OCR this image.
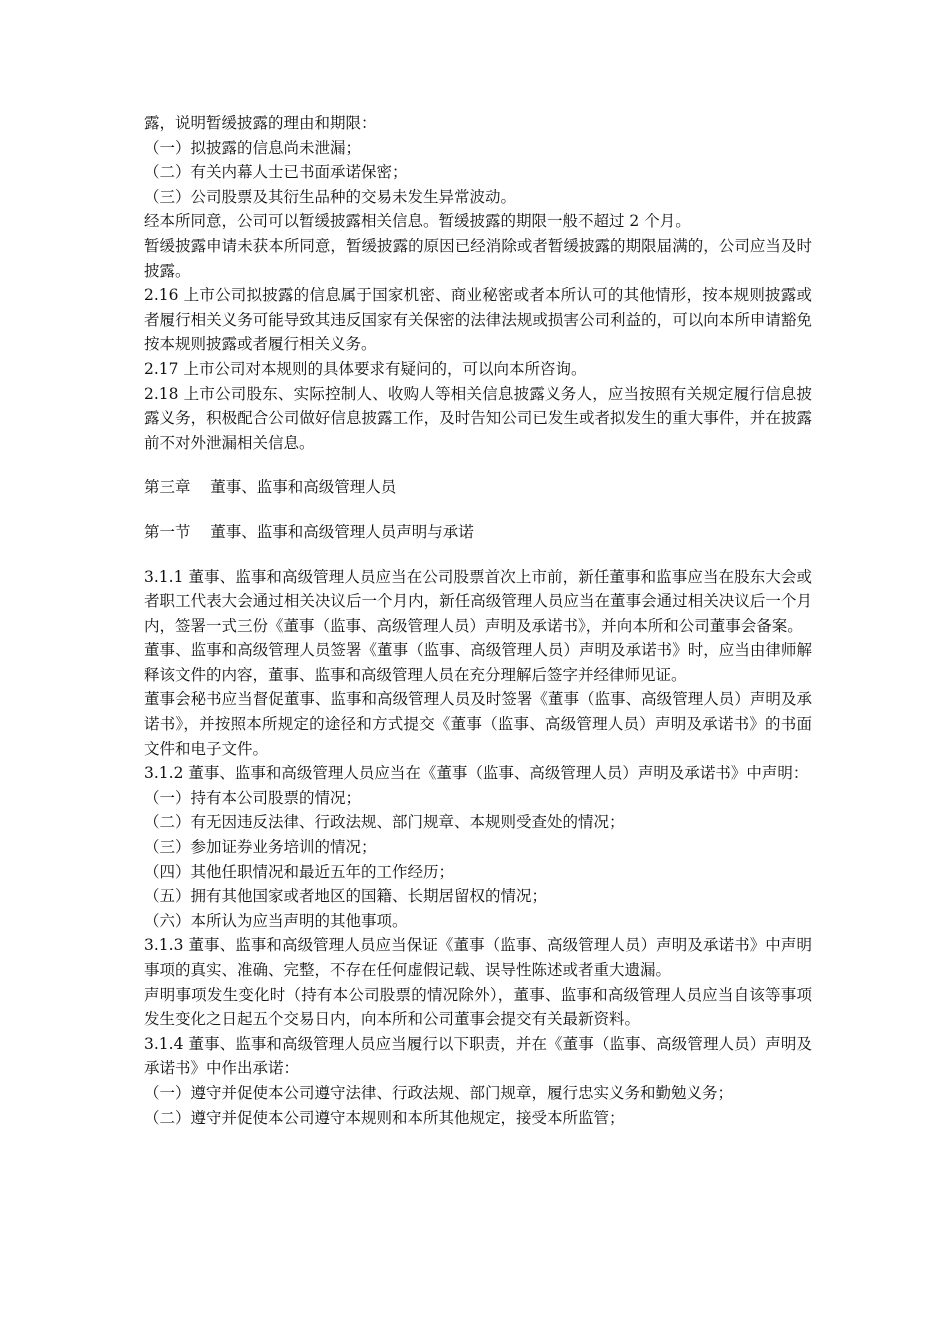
露，说明暂缓披露的理由和期限：
（一）拟披露的信息尚未泄漏；
（二）有关内幕人士已书面承诺保密；
（三）公司股票及其衍生品种的交易未发生异常波动。
经本所同意，公司可以暂缓披露相关信息。暂缓披露的期限一般不超过 2 个月。
暂缓披露申请未获本所同意，暂缓披露的原因已经消除或者暂缓披露的期限届满的，公司应当及时披露。
2.16 上市公司拟披露的信息属于国家机密、商业秘密或者本所认可的其他情形，按本规则披露或者履行相关义务可能导致其违反国家有关保密的法律法规或损害公司利益的，可以向本所申请豁免按本规则披露或者履行相关义务。
2.17 上市公司对本规则的具体要求有疑问的，可以向本所咨询。
2.18 上市公司股东、实际控制人、收购人等相关信息披露义务人，应当按照有关规定履行信息披露义务，积极配合公司做好信息披露工作，及时告知公司已发生或者拟发生的重大事件，并在披露前不对外泄漏相关信息。
第三章    董事、监事和高级管理人员
第一节    董事、监事和高级管理人员声明与承诺
3.1.1 董事、监事和高级管理人员应当在公司股票首次上市前，新任董事和监事应当在股东大会或者职工代表大会通过相关决议后一个月内，新任高级管理人员应当在董事会通过相关决议后一个月内，签署一式三份《董事（监事、高级管理人员）声明及承诺书》，并向本所和公司董事会备案。
董事、监事和高级管理人员签署《董事（监事、高级管理人员）声明及承诺书》时，应当由律师解释该文件的内容，董事、监事和高级管理人员在充分理解后签字并经律师见证。
董事会秘书应当督促董事、监事和高级管理人员及时签署《董事（监事、高级管理人员）声明及承诺书》，并按照本所规定的途径和方式提交《董事（监事、高级管理人员）声明及承诺书》的书面文件和电子文件。
3.1.2 董事、监事和高级管理人员应当在《董事（监事、高级管理人员）声明及承诺书》中声明：
（一）持有本公司股票的情况；
（二）有无因违反法律、行政法规、部门规章、本规则受查处的情况；
（三）参加证券业务培训的情况；
（四）其他任职情况和最近五年的工作经历；
（五）拥有其他国家或者地区的国籍、长期居留权的情况；
（六）本所认为应当声明的其他事项。
3.1.3 董事、监事和高级管理人员应当保证《董事（监事、高级管理人员）声明及承诺书》中声明事项的真实、准确、完整，不存在任何虚假记载、误导性陈述或者重大遗漏。
声明事项发生变化时（持有本公司股票的情况除外），董事、监事和高级管理人员应当自该等事项发生变化之日起五个交易日内，向本所和公司董事会提交有关最新资料。
3.1.4 董事、监事和高级管理人员应当履行以下职责，并在《董事（监事、高级管理人员）声明及承诺书》中作出承诺：
（一）遵守并促使本公司遵守法律、行政法规、部门规章，履行忠实义务和勤勉义务；
（二）遵守并促使本公司遵守本规则和本所其他规定，接受本所监管；
